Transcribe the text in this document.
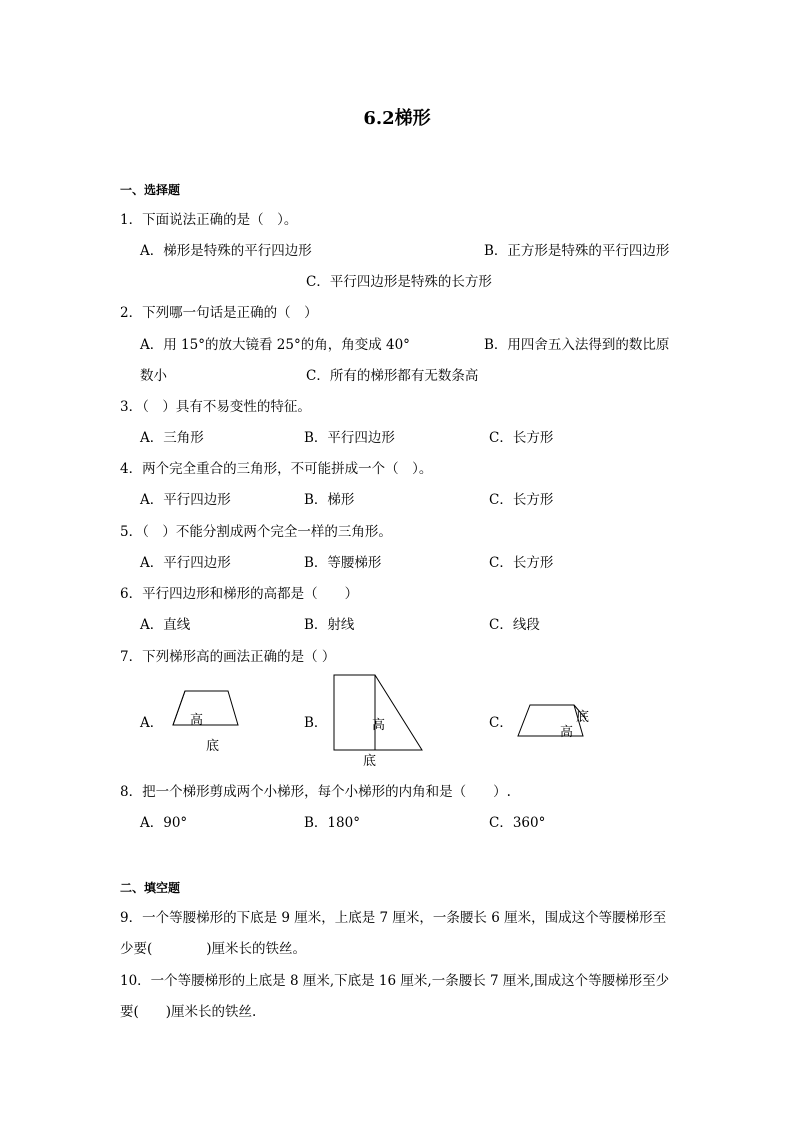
6.2梯形
一、选择题
1．下面说法正确的是（　）。
A．梯形是特殊的平行四边形	B．正方形是特殊的平行四边形
C．平行四边形是特殊的长方形
2．下列哪一句话是正确的（　）
A．用 15°的放大镜看 25°的角，角变成 40°	B．用四舍五入法得到的数比原
数小	C．所有的梯形都有无数条高
3．（　）具有不易变性的特征。
A．三角形	B．平行四边形	C．长方形
4．两个完全重合的三角形，不可能拼成一个（　）。
A．平行四边形	B．梯形	C．长方形
5．（　）不能分割成两个完全一样的三角形。
A．平行四边形	B．等腰梯形	C．长方形
6．平行四边形和梯形的高都是（　　）
A．直线	B．射线	C．线段
7．下列梯形高的画法正确的是（ ）
A．	B．	C．
高
底
高
底
底
高
8．把一个梯形剪成两个小梯形，每个小梯形的内角和是（　　）.
A．90°	B．180°	C．360°
二、填空题
9．一个等腰梯形的下底是 9 厘米，上底是 7 厘米，一条腰长 6 厘米，围成这个等腰梯形至
少要(　　　　)厘米长的铁丝。
10．一个等腰梯形的上底是 8 厘米,下底是 16 厘米,一条腰长 7 厘米,围成这个等腰梯形至少
要(　　)厘米长的铁丝.
